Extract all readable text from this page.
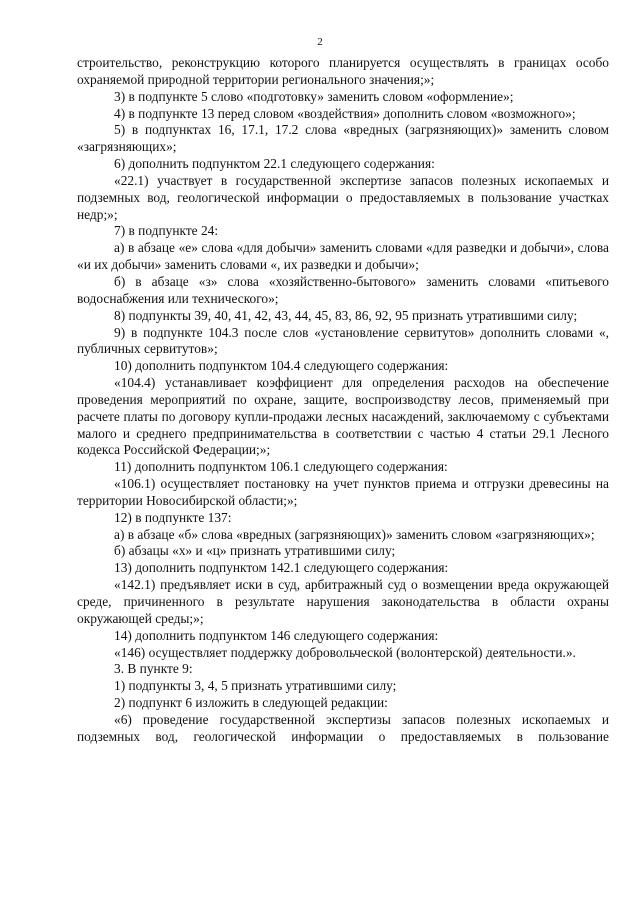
2

строительство, реконструкцию которого планируется осуществлять в границах особо охраняемой природной территории регионального значения;»;

3) в подпункте 5 слово «подготовку» заменить словом «оформление»;

4) в подпункте 13 перед словом «воздействия» дополнить словом «возможного»;

5) в подпунктах 16, 17.1, 17.2 слова «вредных (загрязняющих)» заменить словом «загрязняющих»;

6) дополнить подпунктом 22.1 следующего содержания:

«22.1) участвует в государственной экспертизе запасов полезных ископаемых и подземных вод, геологической информации о предоставляемых в пользование участках недр;»;

7) в подпункте 24:

а) в абзаце «е» слова «для добычи» заменить словами «для разведки и добычи», слова «и их добычи» заменить словами «, их разведки и добычи»;

б) в абзаце «з» слова «хозяйственно-бытового» заменить словами «питьевого водоснабжения или технического»;

8) подпункты 39, 40, 41, 42, 43, 44, 45, 83, 86, 92, 95 признать утратившими силу;

9) в подпункте 104.3 после слов «установление сервитутов» дополнить словами «, публичных сервитутов»;

10) дополнить подпунктом 104.4 следующего содержания:

«104.4) устанавливает коэффициент для определения расходов на обеспечение проведения мероприятий по охране, защите, воспроизводству лесов, применяемый при расчете платы по договору купли-продажи лесных насаждений, заключаемому с субъектами малого и среднего предпринимательства в соответствии с частью 4 статьи 29.1 Лесного кодекса Российской Федерации;»;

11) дополнить подпунктом 106.1 следующего содержания:

«106.1) осуществляет постановку на учет пунктов приема и отгрузки древесины на территории Новосибирской области;»;

12) в подпункте 137:

а) в абзаце «б» слова «вредных (загрязняющих)» заменить словом «загрязняющих»;

б) абзацы «х» и «ц» признать утратившими силу;

13) дополнить подпунктом 142.1 следующего содержания:

«142.1) предъявляет иски в суд, арбитражный суд о возмещении вреда окружающей среде, причиненного в результате нарушения законодательства в области охраны окружающей среды;»;

14) дополнить подпунктом 146 следующего содержания:

«146) осуществляет поддержку добровольческой (волонтерской) деятельности.».

3. В пункте 9:

1) подпункты 3, 4, 5 признать утратившими силу;

2) подпункт 6 изложить в следующей редакции:

«6) проведение государственной экспертизы запасов полезных ископаемых и подземных вод, геологической информации о предоставляемых в пользование
